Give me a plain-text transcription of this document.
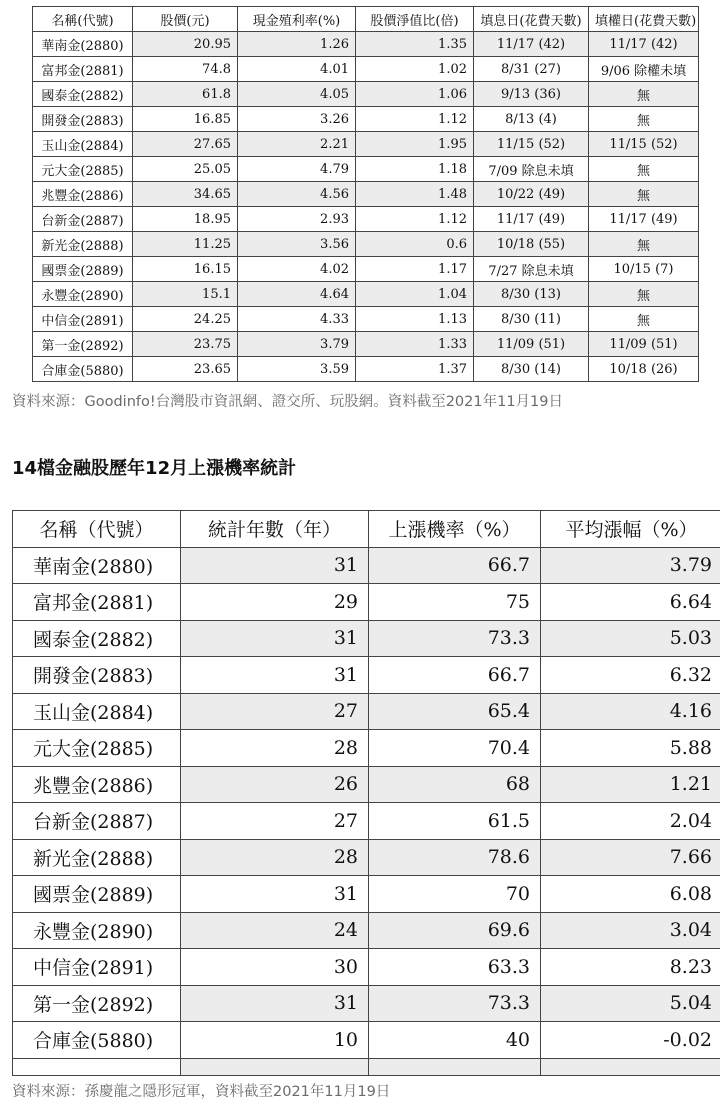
名稱(代號)	股價(元)	現金殖利率(%)	股價淨值比(倍)	填息日(花費天數)	填權日(花費天數)
華南金(2880)	20.95	1.26	1.35	11/17 (42)	11/17 (42)
富邦金(2881)	74.8	4.01	1.02	8/31 (27)	9/06 除權未填
國泰金(2882)	61.8	4.05	1.06	9/13 (36)	無
開發金(2883)	16.85	3.26	1.12	8/13 (4)	無
玉山金(2884)	27.65	2.21	1.95	11/15 (52)	11/15 (52)
元大金(2885)	25.05	4.79	1.18	7/09 除息未填	無
兆豐金(2886)	34.65	4.56	1.48	10/22 (49)	無
台新金(2887)	18.95	2.93	1.12	11/17 (49)	11/17 (49)
新光金(2888)	11.25	3.56	0.6	10/18 (55)	無
國票金(2889)	16.15	4.02	1.17	7/27 除息未填	10/15 (7)
永豐金(2890)	15.1	4.64	1.04	8/30 (13)	無
中信金(2891)	24.25	4.33	1.13	8/30 (11)	無
第一金(2892)	23.75	3.79	1.33	11/09 (51)	11/09 (51)
合庫金(5880)	23.65	3.59	1.37	8/30 (14)	10/18 (26)
資料來源：Goodinfo!台灣股市資訊網、證交所、玩股網。資料截至2021年11月19日
14檔金融股歷年12月上漲機率統計
名稱（代號）	統計年數（年）	上漲機率（%）	平均漲幅（%）
華南金(2880)	31	66.7	3.79
富邦金(2881)	29	75	6.64
國泰金(2882)	31	73.3	5.03
開發金(2883)	31	66.7	6.32
玉山金(2884)	27	65.4	4.16
元大金(2885)	28	70.4	5.88
兆豐金(2886)	26	68	1.21
台新金(2887)	27	61.5	2.04
新光金(2888)	28	78.6	7.66
國票金(2889)	31	70	6.08
永豐金(2890)	24	69.6	3.04
中信金(2891)	30	63.3	8.23
第一金(2892)	31	73.3	5.04
合庫金(5880)	10	40	-0.02

資料來源：孫慶龍之隱形冠軍，資料截至2021年11月19日
